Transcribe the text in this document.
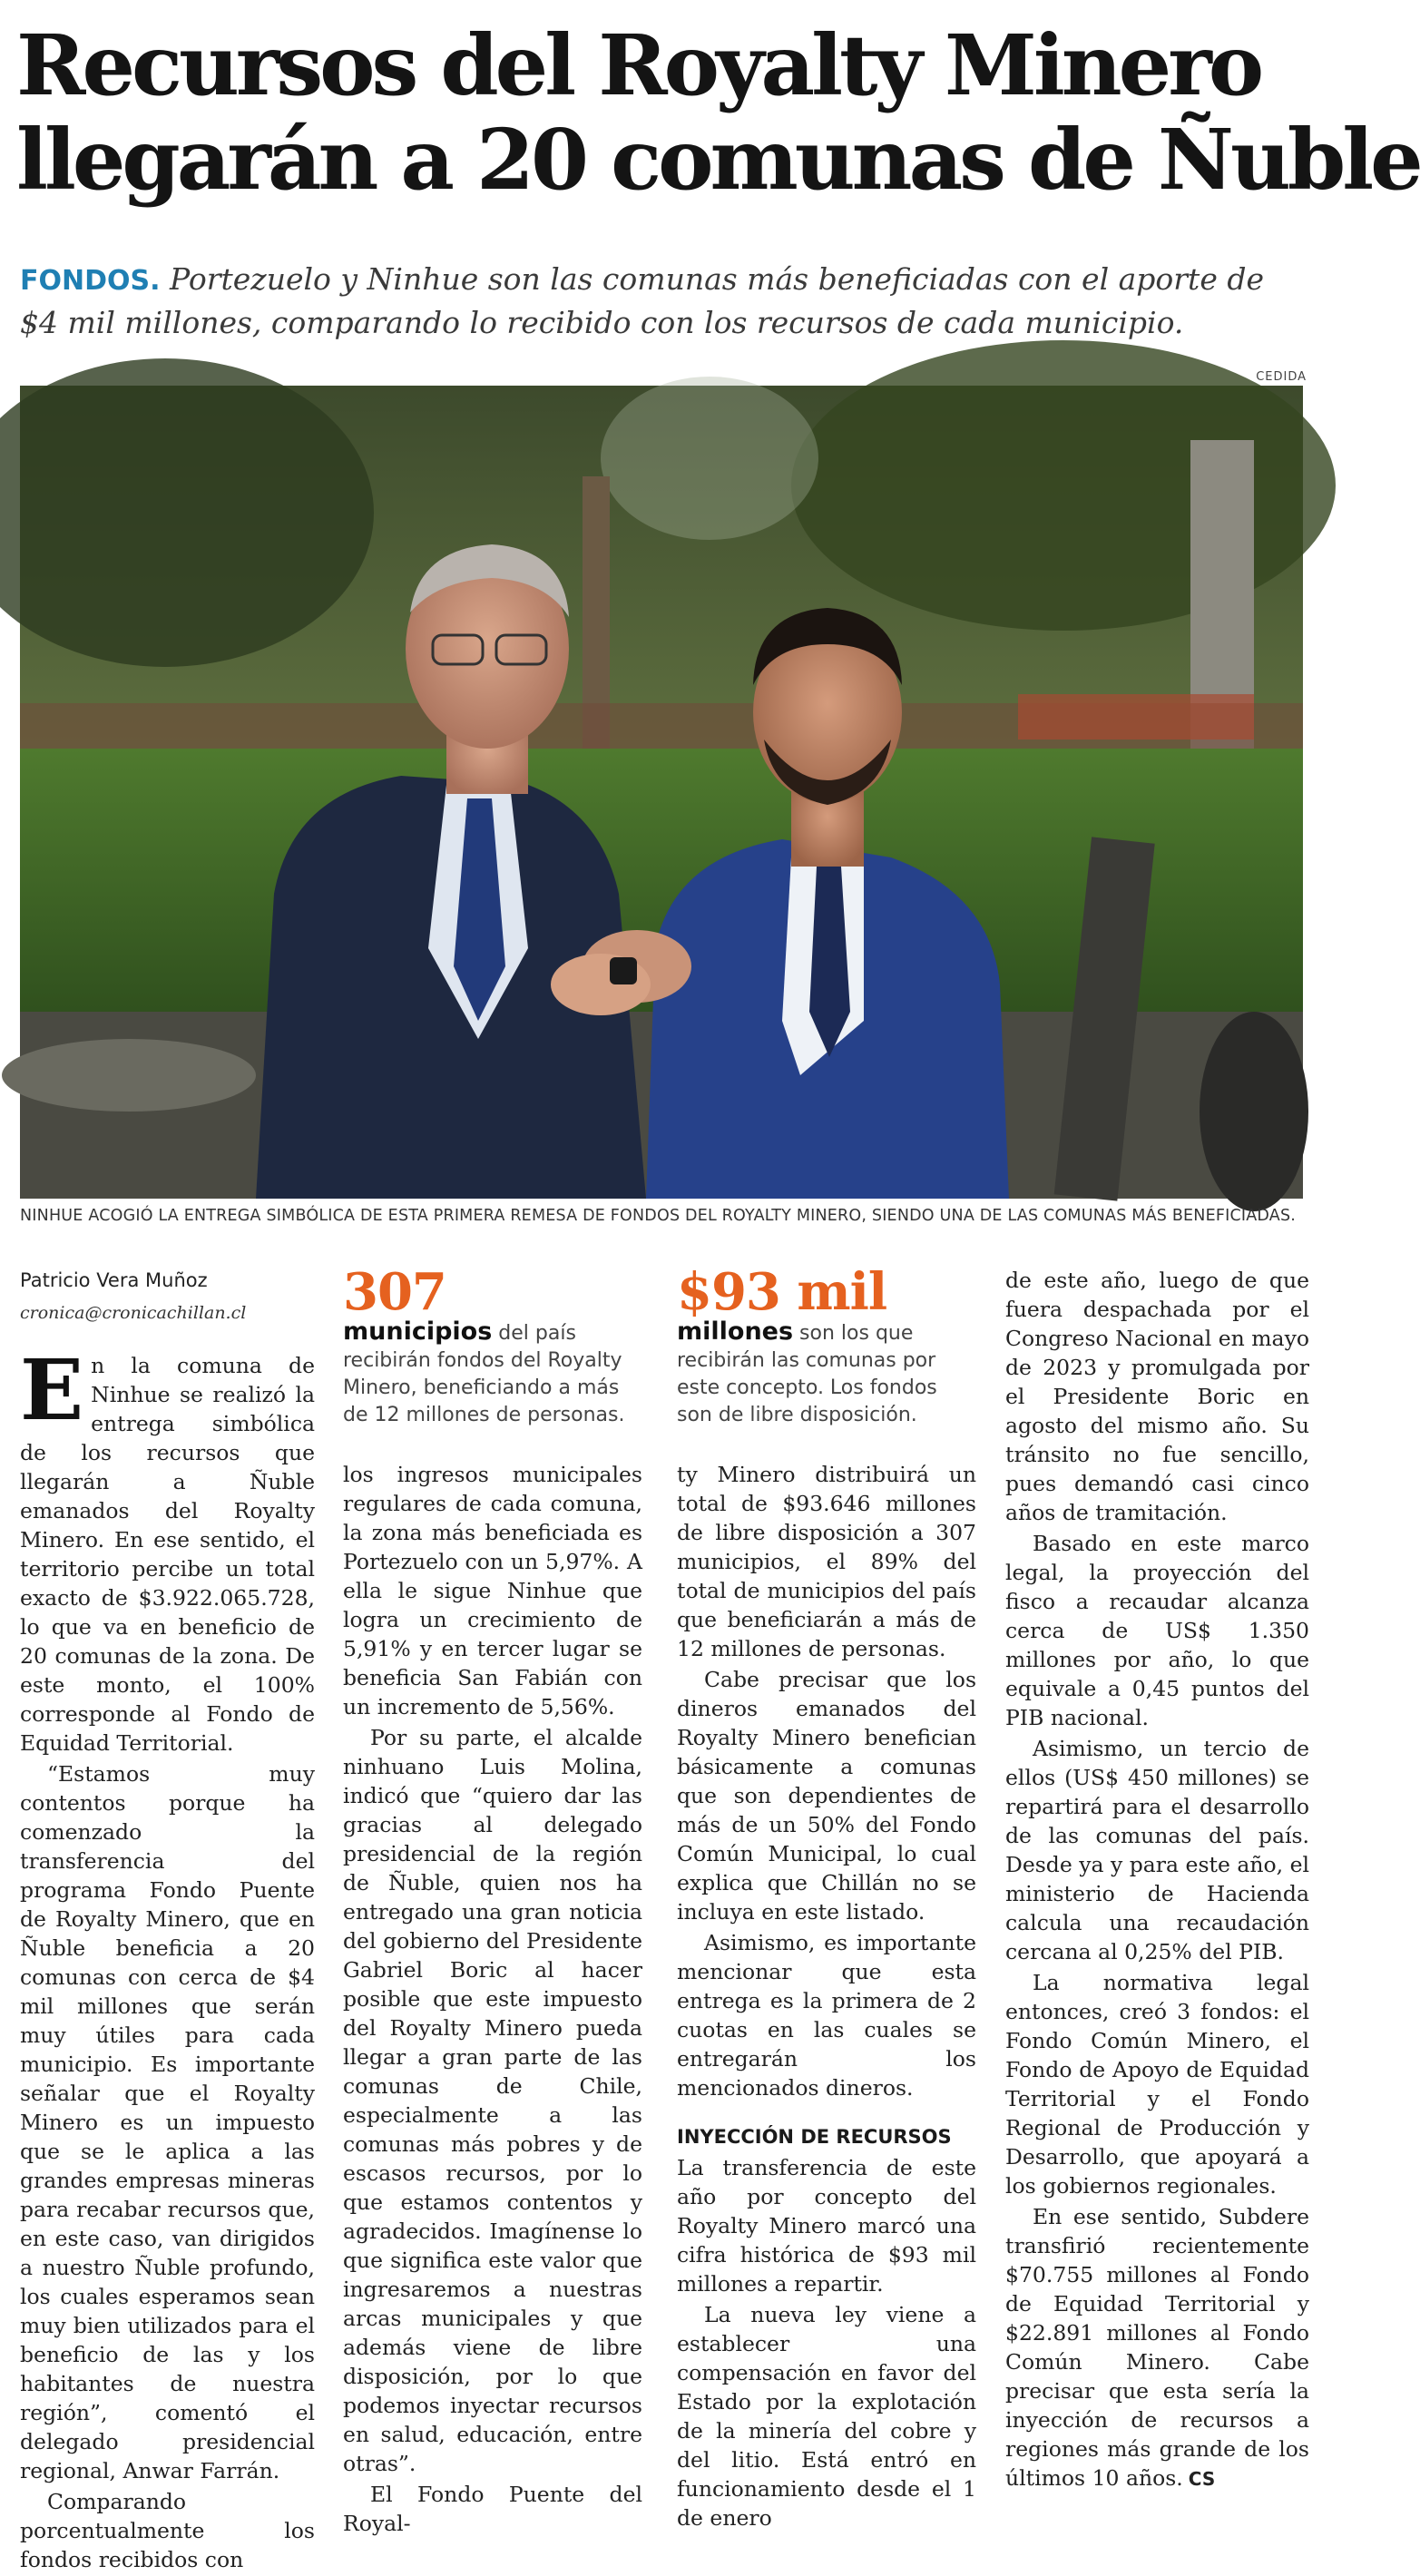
Recursos del Royalty Minero
llegarán a 20 comunas de Ñuble
FONDOS. Portezuelo y Ninhue son las comunas más beneficiadas con el aporte de $4 mil millones, comparando lo recibido con los recursos de cada municipio.
CEDIDA
NINHUE ACOGIÓ LA ENTREGA SIMBÓLICA DE ESTA PRIMERA REMESA DE FONDOS DEL ROYALTY MINERO, SIENDO UNA DE LAS COMUNAS MÁS BENEFICIADAS.
Patricio Vera Muñoz
cronica@cronicachillan.cl

En la comuna de Ninhue se realizó la entrega simbólica de los recursos que llegarán a Ñuble emanados del Royalty Minero. En ese sentido, el territorio percibe un total exacto de $3.922.065.728, lo que va en beneficio de 20 comunas de la zona. De este monto, el 100% corresponde al Fondo de Equidad Territorial.

“Estamos muy contentos porque ha comenzado la transferencia del programa Fondo Puente de Royalty Minero, que en Ñuble beneficia a 20 comunas con cerca de $4 mil millones que serán muy útiles para cada municipio. Es importante señalar que el Royalty Minero es un impuesto que se le aplica a las grandes empresas mineras para recabar recursos que, en este caso, van dirigidos a nuestro Ñuble profundo, los cuales esperamos sean muy bien utilizados para el beneficio de las y los habitantes de nuestra región”, comentó el delegado presidencial regional, Anwar Farrán.

Comparando porcentualmente los fondos recibidos con

307
municipios del país recibirán fondos del Royalty Minero, beneficiando a más de 12 millones de personas.

los ingresos municipales regulares de cada comuna, la zona más beneficiada es Portezuelo con un 5,97%. A ella le sigue Ninhue que logra un crecimiento de 5,91% y en tercer lugar se beneficia San Fabián con un incremento de 5,56%.

Por su parte, el alcalde ninhuano Luis Molina, indicó que “quiero dar las gracias al delegado presidencial de la región de Ñuble, quien nos ha entregado una gran noticia del gobierno del Presidente Gabriel Boric al hacer posible que este impuesto del Royalty Minero pueda llegar a gran parte de las comunas de Chile, especialmente a las comunas más pobres y de escasos recursos, por lo que estamos contentos y agradecidos. Imagínense lo que significa este valor que ingresaremos a nuestras arcas municipales y que además viene de libre disposición, por lo que podemos inyectar recursos en salud, educación, entre otras”.

El Fondo Puente del Royal-

$93 mil
millones son los que recibirán las comunas por este concepto. Los fondos son de libre disposición.

ty Minero distribuirá un total de $93.646 millones de libre disposición a 307 municipios, el 89% del total de municipios del país que beneficiarán a más de 12 millones de personas.

Cabe precisar que los dineros emanados del Royalty Minero benefician básicamente a comunas que son dependientes de más de un 50% del Fondo Común Municipal, lo cual explica que Chillán no se incluya en este listado.

Asimismo, es importante mencionar que esta entrega es la primera de 2 cuotas en las cuales se entregarán los mencionados dineros.

INYECCIÓN DE RECURSOS

La transferencia de este año por concepto del Royalty Minero marcó una cifra histórica de $93 mil millones a repartir.

La nueva ley viene a establecer una compensación en favor del Estado por la explotación de la minería del cobre y del litio. Está entró en funcionamiento desde el 1 de enero

de este año, luego de que fuera despachada por el Congreso Nacional en mayo de 2023 y promulgada por el Presidente Boric en agosto del mismo año. Su tránsito no fue sencillo, pues demandó casi cinco años de tramitación.

Basado en este marco legal, la proyección del fisco a recaudar alcanza cerca de US$ 1.350 millones por año, lo que equivale a 0,45 puntos del PIB nacional.

Asimismo, un tercio de ellos (US$ 450 millones) se repartirá para el desarrollo de las comunas del país. Desde ya y para este año, el ministerio de Hacienda calcula una recaudación cercana al 0,25% del PIB.

La normativa legal entonces, creó 3 fondos: el Fondo Común Minero, el Fondo de Apoyo de Equidad Territorial y el Fondo Regional de Producción y Desarrollo, que apoyará a los gobiernos regionales.

En ese sentido, Subdere transfirió recientemente $70.755 millones al Fondo de Equidad Territorial y $22.891 millones al Fondo Común Minero. Cabe precisar que esta sería la inyección de recursos a regiones más grande de los últimos 10 años. CS
